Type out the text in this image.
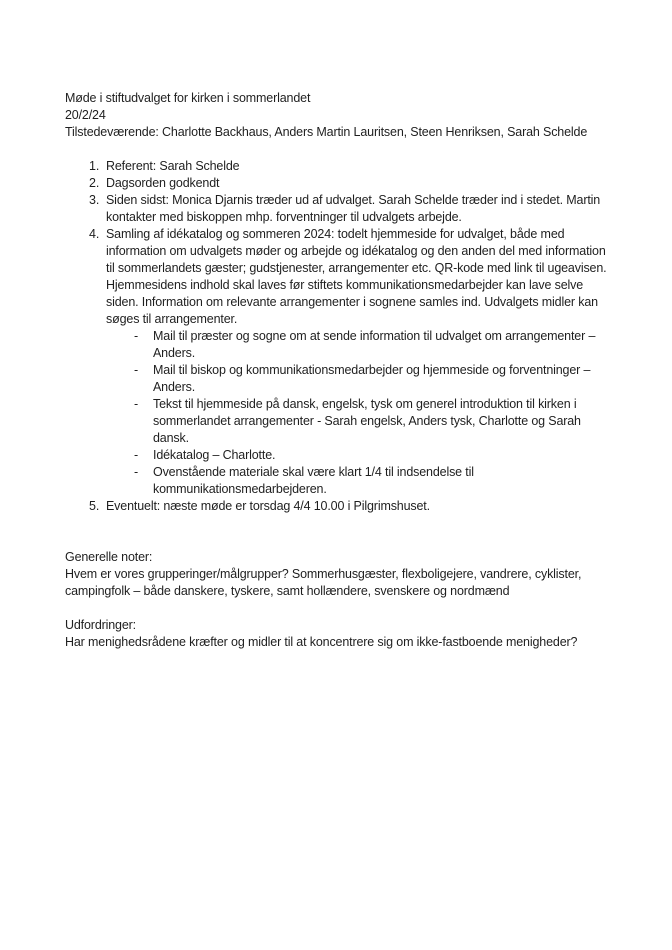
Møde i stiftudvalget for kirken i sommerlandet

20/2/24

Tilstedeværende: Charlotte Backhaus, Anders Martin Lauritsen, Steen Henriksen, Sarah Schelde

Referent: Sarah Schelde
Dagsorden godkendt
Siden sidst: Monica Djarnis træder ud af udvalget. Sarah Schelde træder ind i stedet. Martin kontakter med biskoppen mhp. forventninger til udvalgets arbejde.
Samling af idékatalog og sommeren 2024: todelt hjemmeside for udvalget, både med information om udvalgets møder og arbejde og idékatalog og den anden del med information til sommerlandets gæster; gudstjenester, arrangementer etc. QR-kode med link til ugeavisen. Hjemmesidens indhold skal laves før stiftets kommunikationsmedarbejder kan lave selve siden. Information om relevante arrangementer i sognene samles ind. Udvalgets midler kan søges til arrangementer.
- Mail til præster og sogne om at sende information til udvalget om arrangementer – Anders.
- Mail til biskop og kommunikationsmedarbejder og hjemmeside og forventninger – Anders.
- Tekst til hjemmeside på dansk, engelsk, tysk om generel introduktion til kirken i sommerlandet arrangementer - Sarah engelsk, Anders tysk, Charlotte og Sarah dansk.
- Idékatalog – Charlotte.
- Ovenstående materiale skal være klart 1/4 til indsendelse til kommunikationsmedarbejderen.
Eventuelt: næste møde er torsdag 4/4 10.00 i Pilgrimshuset.

Generelle noter:

Hvem er vores grupperinger/målgrupper? Sommerhusgæster, flexboligejere, vandrere, cyklister, campingfolk – både danskere, tyskere, samt hollændere, svenskere og nordmænd

Udfordringer:

Har menighedsrådene kræfter og midler til at koncentrere sig om ikke-fastboende menigheder?
